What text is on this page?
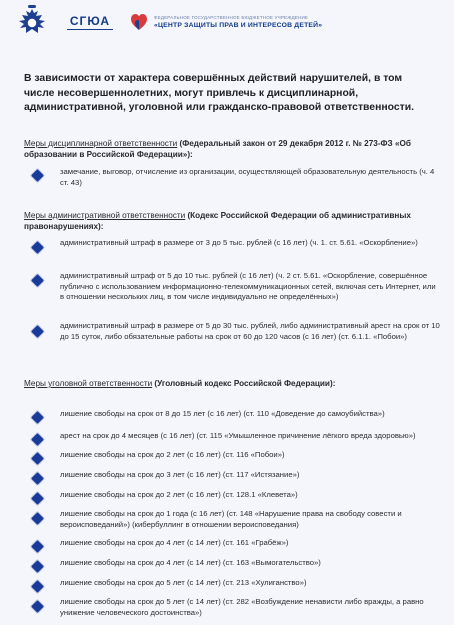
СГЮА	ФЕДЕРАЛЬНОЕ ГОСУДАРСТВЕННОЕ БЮДЖЕТНОЕ УЧРЕЖДЕНИЕ
«ЦЕНТР ЗАЩИТЫ ПРАВ И ИНТЕРЕСОВ ДЕТЕЙ»
В зависимости от характера совершённых действий нарушителей, в том числе несовершеннолетних, могут привлечь к дисциплинарной, административной, уголовной или гражданско-правовой ответственности.
Меры дисциплинарной ответственности (Федеральный закон от 29 декабря 2012 г. № 273-ФЗ «Об образовании в Российской Федерации»):
замечание, выговор, отчисление из организации, осуществляющей образовательную деятельность (ч. 4 ст. 43)
Меры административной ответственности (Кодекс Российской Федерации об административных правонарушениях):
административный штраф в размере от 3 до 5 тыс. рублей (с 16 лет) (ч. 1. ст. 5.61. «Оскорбление»)
административный штраф от 5 до 10 тыс. рублей (с 16 лет) (ч. 2 ст. 5.61. «Оскорбление, совершённое публично с использованием информационно-телекоммуникационных сетей, включая сеть Интернет, или в отношении нескольких лиц, в том числе индивидуально не определённых»)
административный штраф в размере от 5 до 30 тыс. рублей, либо административный арест на срок от 10 до 15 суток, либо обязательные работы на срок от 60 до 120 часов (с 16 лет) (ст. 6.1.1. «Побои»)
Меры уголовной ответственности (Уголовный кодекс Российской Федерации):
лишение свободы на срок от 8 до 15 лет (с 16 лет) (ст. 110 «Доведение до самоубийства»)
арест на срок до 4 месяцев (с 16 лет) (ст. 115 «Умышленное причинение лёгкого вреда здоровью»)
лишение свободы на срок до 2 лет (с 16 лет) (ст. 116 «Побои»)
лишение свободы на срок до 3 лет (с 16 лет) (ст. 117 «Истязание»)
лишение свободы на срок до 2 лет (с 16 лет) (ст. 128.1 «Клевета»)
лишение свободы на срок до 1 года (с 16 лет) (ст. 148 «Нарушение права на свободу совести и вероисповеданий») (кибербуллинг в отношении вероисповедания)
лишение свободы на срок до 4 лет (с 14 лет) (ст. 161 «Грабёж»)
лишение свободы на срок до 4 лет (с 14 лет) (ст. 163 «Вымогательство»)
лишение свободы на срок до 5 лет (с 14 лет) (ст. 213 «Хулиганство»)
лишение свободы на срок до 5 лет (с 14 лет) (ст. 282 «Возбуждение ненависти либо вражды, а равно унижение человеческого достоинства»)
